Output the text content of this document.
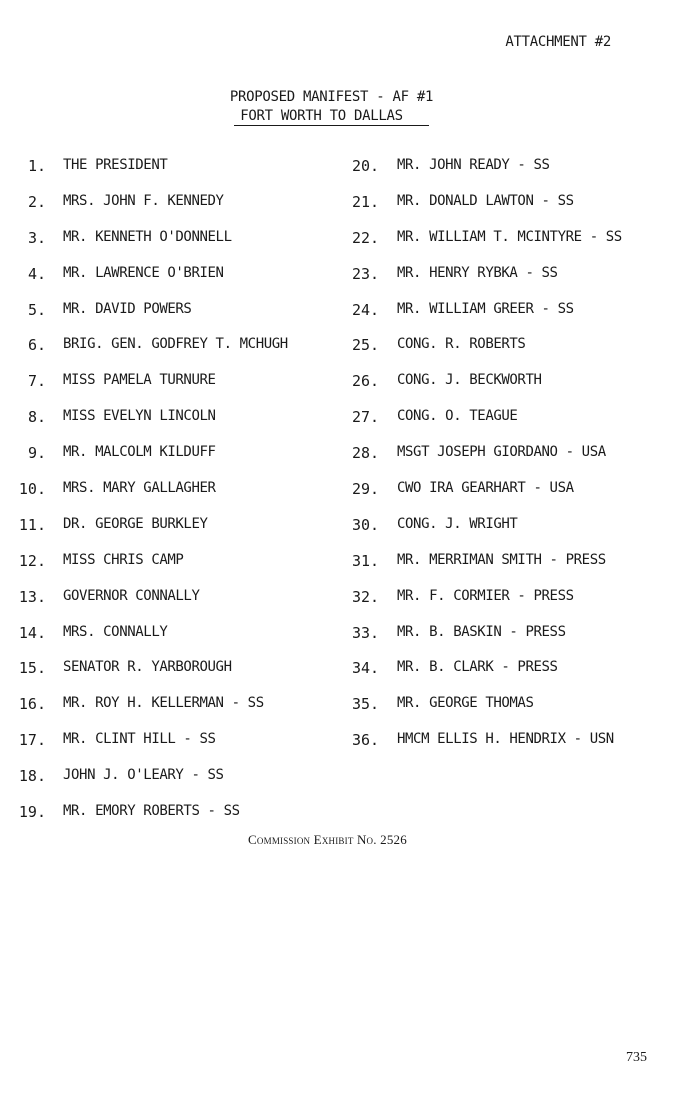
ATTACHMENT #2
PROPOSED MANIFEST - AF #1
FORT WORTH TO DALLAS
1.	THE PRESIDENT
2.	MRS. JOHN F. KENNEDY
3.	MR. KENNETH O'DONNELL
4.	MR. LAWRENCE O'BRIEN
5.	MR. DAVID POWERS
6.	BRIG. GEN. GODFREY T. MCHUGH
7.	MISS PAMELA TURNURE
8.	MISS EVELYN LINCOLN
9.	MR. MALCOLM KILDUFF
10.	MRS. MARY GALLAGHER
11.	DR. GEORGE BURKLEY
12.	MISS CHRIS CAMP
13.	GOVERNOR CONNALLY
14.	MRS. CONNALLY
15.	SENATOR R. YARBOROUGH
16.	MR. ROY H. KELLERMAN - SS
17.	MR. CLINT HILL - SS
18.	JOHN J. O'LEARY - SS
19.	MR. EMORY ROBERTS - SS
20.	MR. JOHN READY - SS
21.	MR. DONALD LAWTON - SS
22.	MR. WILLIAM T. MCINTYRE - SS
23.	MR. HENRY RYBKA - SS
24.	MR. WILLIAM GREER - SS
25.	CONG. R. ROBERTS
26.	CONG. J. BECKWORTH
27.	CONG. O. TEAGUE
28.	MSGT JOSEPH GIORDANO - USA
29.	CWO IRA GEARHART - USA
30.	CONG. J. WRIGHT
31.	MR. MERRIMAN SMITH - PRESS
32.	MR. F. CORMIER - PRESS
33.	MR. B. BASKIN - PRESS
34.	MR. B. CLARK - PRESS
35.	MR. GEORGE THOMAS
36.	HMCM ELLIS H. HENDRIX - USN
Commission Exhibit No. 2526
735
